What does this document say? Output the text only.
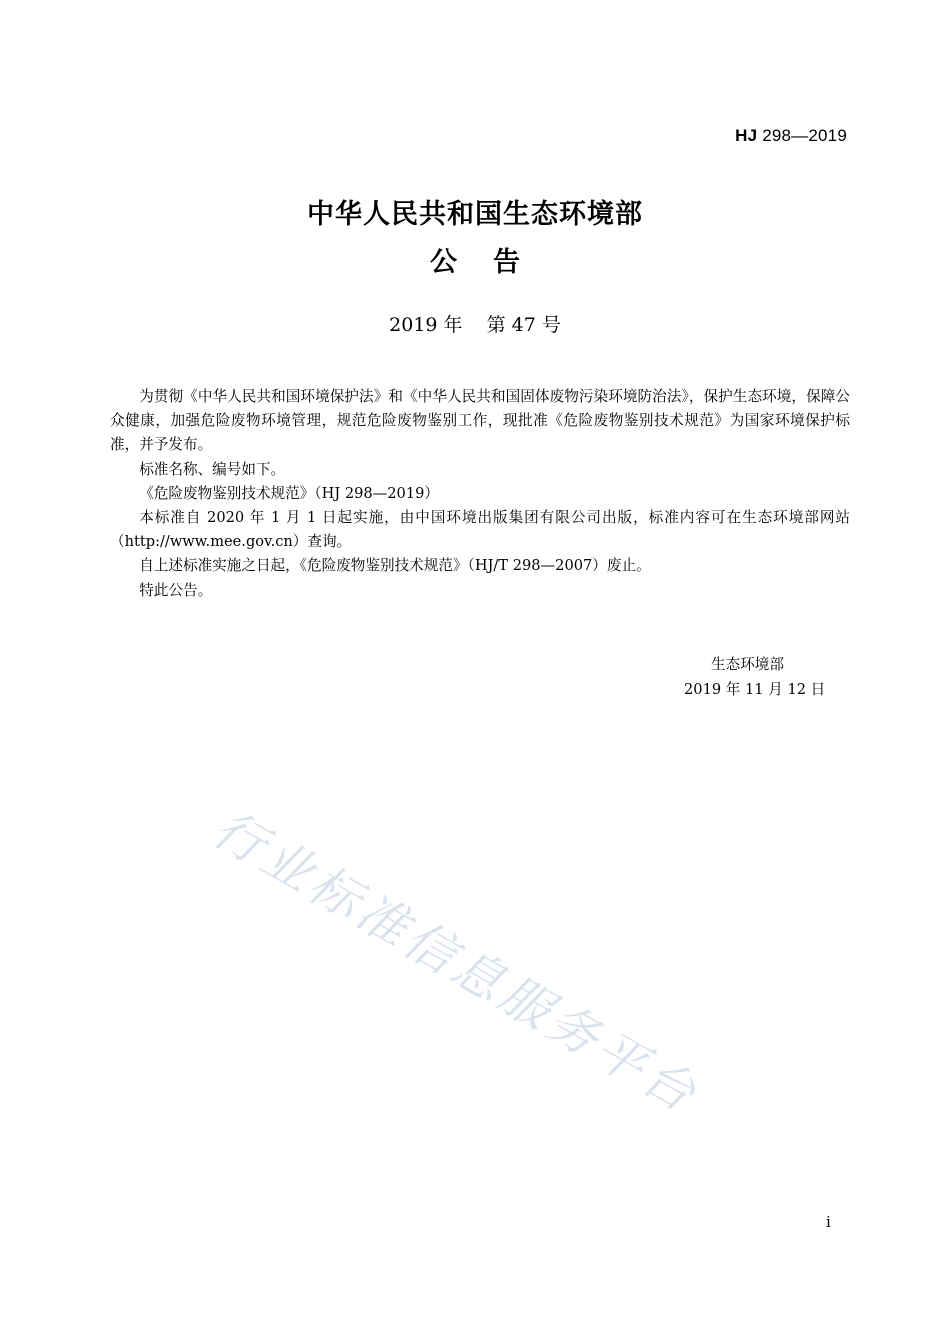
HJ 298—2019
中华人民共和国生态环境部
公告
2019 年 第 47 号

为贯彻《中华人民共和国环境保护法》和《中华人民共和国固体废物污染环境防治法》，保护生态环境，保障公众健康，加强危险废物环境管理，规范危险废物鉴别工作，现批准《危险废物鉴别技术规范》为国家环境保护标准，并予发布。

标准名称、编号如下。

《危险废物鉴别技术规范》（HJ 298—2019）

本标准自 2020 年 1 月 1 日起实施，由中国环境出版集团有限公司出版，标准内容可在生态环境部网站（http://www.mee.gov.cn）查询。

自上述标准实施之日起，《危险废物鉴别技术规范》（HJ/T 298—2007）废止。

特此公告。

生态环境部
2019 年 11 月 12 日
行业标准信息服务平台
i
